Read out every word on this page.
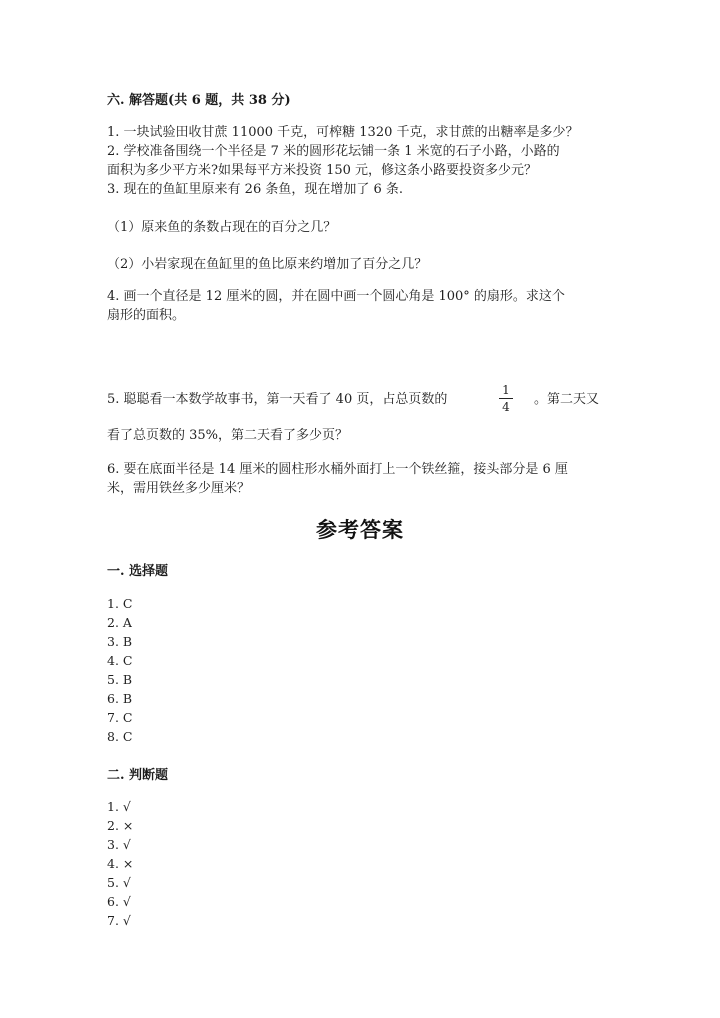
六. 解答题(共 6 题，共 38 分)
1. 一块试验田收甘蔗 11000 千克，可榨糖 1320 千克，求甘蔗的出糖率是多少？
2. 学校准备围绕一个半径是 7 米的圆形花坛铺一条 1 米宽的石子小路，小路的
面积为多少平方米?如果每平方米投资 150 元，修这条小路要投资多少元？
3. 现在的鱼缸里原来有 26 条鱼，现在增加了 6 条.
（1）原来鱼的条数占现在的百分之几？
（2）小岩家现在鱼缸里的鱼比原来约增加了百分之几？
4. 画一个直径是 12 厘米的圆，并在圆中画一个圆心角是 100° 的扇形。求这个
扇形的面积。
5. 聪聪看一本数学故事书，第一天看了 40 页，占总页数的
1
4 。第二天又
看了总页数的 35%，第二天看了多少页？
6. 要在底面半径是 14 厘米的圆柱形水桶外面打上一个铁丝箍，接头部分是 6 厘
米，需用铁丝多少厘米？
参考答案
一. 选择题
1. C
2. A
3. B
4. C
5. B
6. B
7. C
8. C
二. 判断题
1. √
2. ×
3. √
4. ×
5. √
6. √
7. √
